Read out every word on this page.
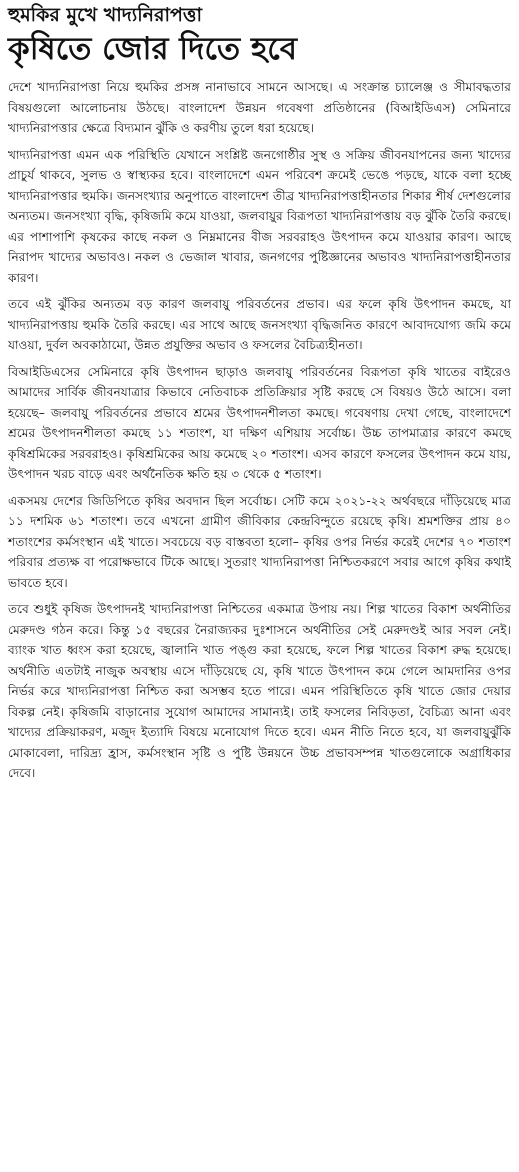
হুমকির মুখে খাদ্যনিরাপত্তা
কৃষিতে জোর দিতে হবে

দেশে খাদ্যনিরাপত্তা নিয়ে হুমকির প্রসঙ্গ নানাভাবে সামনে আসছে। এ সংক্রান্ত চ্যালেঞ্জ ও সীমাবদ্ধতার বিষয়গুলো আলোচনায় উঠছে। বাংলাদেশ উন্নয়ন গবেষণা প্রতিষ্ঠানের (বিআইডিএস) সেমিনারে খাদ্যনিরাপত্তার ক্ষেত্রে বিদ্যমান ঝুঁকি ও করণীয় তুলে ধরা হয়েছে।

খাদ্যনিরাপত্তা এমন এক পরিস্থিতি যেখানে সংশ্লিষ্ট জনগোষ্ঠীর সুস্থ ও সক্রিয় জীবনযাপনের জন্য খাদ্যের প্রাচুর্য থাকবে, সুলভ ও স্বাস্থ্যকর হবে। বাংলাদেশে এমন পরিবেশ ক্রমেই ভেঙে পড়ছে, যাকে বলা হচ্ছে খাদ্যনিরাপত্তার হুমকি। জনসংখ্যার অনুপাতে বাংলাদেশ তীব্র খাদ্যনিরাপত্তাহীনতার শিকার শীর্ষ দেশগুলোর অন্যতম। জনসংখ্যা বৃদ্ধি, কৃষিজমি কমে যাওয়া, জলবায়ুর বিরূপতা খাদ্যনিরাপত্তায় বড় ঝুঁকি তৈরি করছে। এর পাশাপাশি কৃষকের কাছে নকল ও নিম্নমানের বীজ সরবরাহও উৎপাদন কমে যাওয়ার কারণ। আছে নিরাপদ খাদ্যের অভাবও। নকল ও ভেজাল খাবার, জনগণের পুষ্টিজ্ঞানের অভাবও খাদ্যনিরাপত্তাহীনতার কারণ।

তবে এই ঝুঁকির অন্যতম বড় কারণ জলবায়ু পরিবর্তনের প্রভাব। এর ফলে কৃষি উৎপাদন কমছে, যা খাদ্যনিরাপত্তায় হুমকি তৈরি করছে। এর সাথে আছে জনসংখ্যা বৃদ্ধিজনিত কারণে আবাদযোগ্য জমি কমে যাওয়া, দুর্বল অবকাঠামো, উন্নত প্রযুক্তির অভাব ও ফসলের বৈচিত্র্যহীনতা।

বিআইডিএসের সেমিনারে কৃষি উৎপাদন ছাড়াও জলবায়ু পরিবর্তনের বিরূপতা কৃষি খাতের বাইরেও আমাদের সার্বিক জীবনযাত্রার কিভাবে নেতিবাচক প্রতিক্রিয়ার সৃষ্টি করছে সে বিষয়ও উঠে আসে। বলা হয়েছে– জলবায়ু পরিবর্তনের প্রভাবে শ্রমের উৎপাদনশীলতা কমছে। গবেষণায় দেখা গেছে, বাংলাদেশে শ্রমের উৎপাদনশীলতা কমছে ১১ শতাংশ, যা দক্ষিণ এশিয়ায় সর্বোচ্চ। উচ্চ তাপমাত্রার কারণে কমছে কৃষিশ্রমিকের সরবরাহও। কৃষিশ্রমিকের আয় কমেছে ২০ শতাংশ। এসব কারণে ফসলের উৎপাদন কমে যায়, উৎপাদন খরচ বাড়ে এবং অর্থনৈতিক ক্ষতি হয় ৩ থেকে ৫ শতাংশ।

একসময় দেশের জিডিপিতে কৃষির অবদান ছিল সর্বোচ্চ। সেটি কমে ২০২১-২২ অর্থবছরে দাঁড়িয়েছে মাত্র ১১ দশমিক ৬১ শতাংশ। তবে এখনো গ্রামীণ জীবিকার কেন্দ্রবিন্দুতে রয়েছে কৃষি। শ্রমশক্তির প্রায় ৪০ শতাংশের কর্মসংস্থান এই খাতে। সবচেয়ে বড় বাস্তবতা হলো– কৃষির ওপর নির্ভর করেই দেশের ৭০ শতাংশ পরিবার প্রত্যক্ষ বা পরোক্ষভাবে টিকে আছে। সুতরাং খাদ্যনিরাপত্তা নিশ্চিতকরণে সবার আগে কৃষির কথাই ভাবতে হবে।

তবে শুধুই কৃষিজ উৎপাদনই খাদ্যনিরাপত্তা নিশ্চিতের একমাত্র উপায় নয়। শিল্প খাতের বিকাশ অর্থনীতির মেরুদণ্ড গঠন করে। কিন্তু ১৫ বছরের নৈরাজ্যকর দুঃশাসনে অর্থনীতির সেই মেরুদণ্ডই আর সবল নেই। ব্যাংক খাত ধ্বংস করা হয়েছে, জ্বালানি খাত পঙ্গু করা হয়েছে, ফলে শিল্প খাতের বিকাশ রুদ্ধ হয়েছে। অর্থনীতি এতটাই নাজুক অবস্থায় এসে দাঁড়িয়েছে যে, কৃষি খাতে উৎপাদন কমে গেলে আমদানির ওপর নির্ভর করে খাদ্যনিরাপত্তা নিশ্চিত করা অসম্ভব হতে পারে। এমন পরিস্থিতিতে কৃষি খাতে জোর দেয়ার বিকল্প নেই। কৃষিজমি বাড়ানোর সুযোগ আমাদের সামান্যই। তাই ফসলের নিবিড়তা, বৈচিত্র্য আনা এবং খাদ্যের প্রক্রিয়াকরণ, মজুদ ইত্যাদি বিষয়ে মনোযোগ দিতে হবে। এমন নীতি নিতে হবে, যা জলবায়ুঝুঁকি মোকাবেলা, দারিদ্র্য হ্রাস, কর্মসংস্থান সৃষ্টি ও পুষ্টি উন্নয়নে উচ্চ প্রভাবসম্পন্ন খাতগুলোকে অগ্রাধিকার দেবে।
